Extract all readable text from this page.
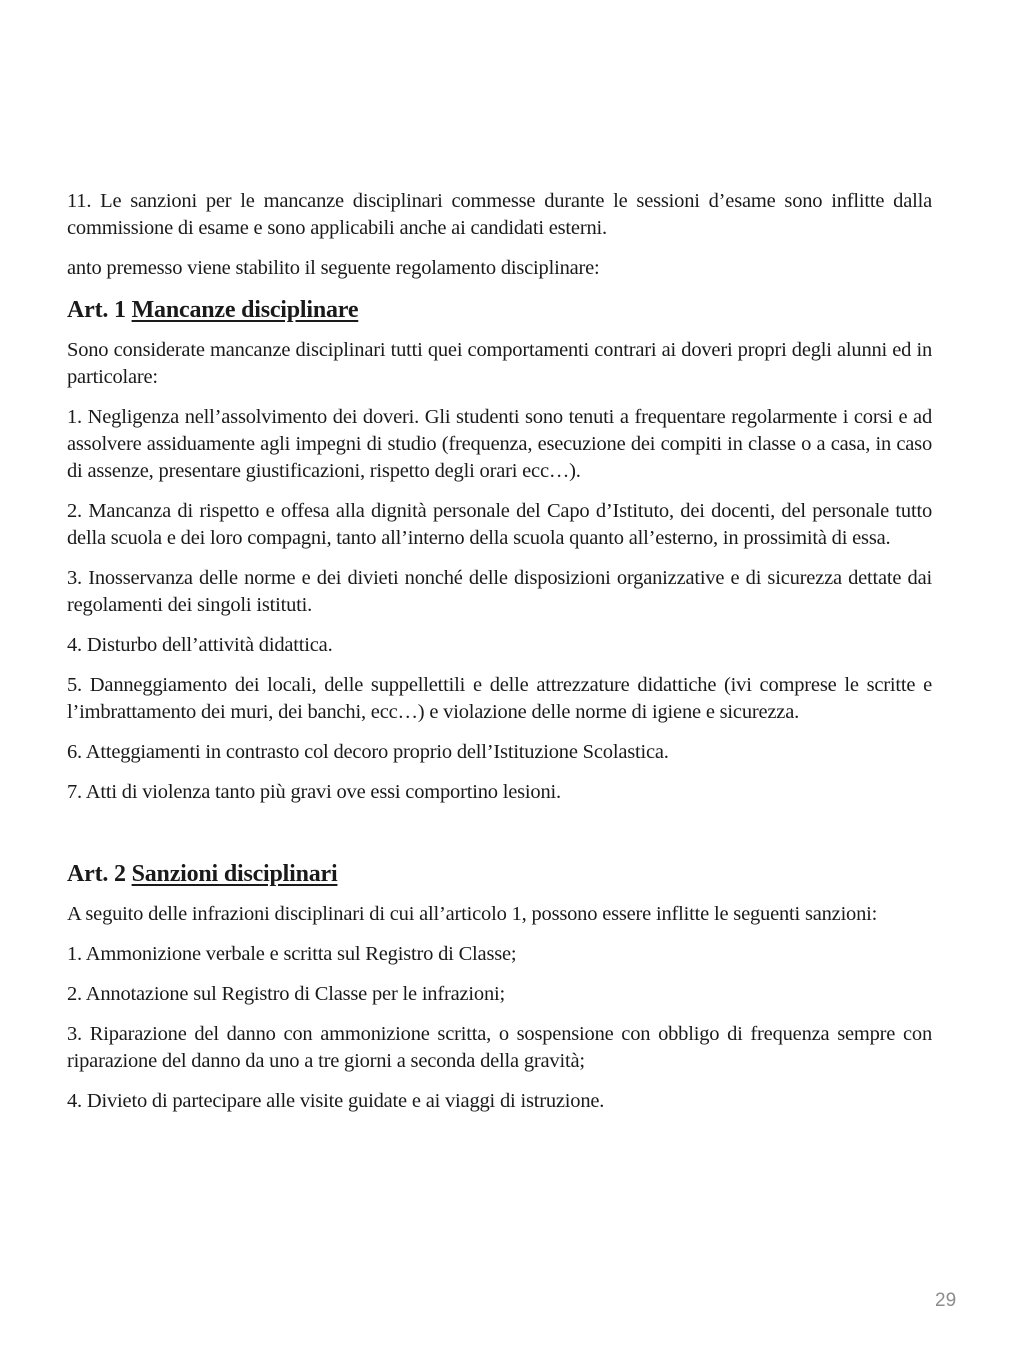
11. Le sanzioni per le mancanze disciplinari commesse durante le sessioni d’esame sono inflitte dalla commissione di esame e sono applicabili anche ai candidati esterni.

anto premesso viene stabilito il seguente regolamento disciplinare:

Art. 1 Mancanze disciplinare

Sono considerate mancanze disciplinari tutti quei comportamenti contrari ai doveri propri degli alunni ed in particolare:

1. Negligenza nell’assolvimento dei doveri. Gli studenti sono tenuti a frequentare regolarmente i corsi e ad assolvere assiduamente agli impegni di studio (frequenza, esecuzione dei compiti in classe o a casa, in caso di assenze, presentare giustificazioni, rispetto degli orari ecc…).

2. Mancanza di rispetto e offesa alla dignità personale del Capo d’Istituto, dei docenti, del personale tutto della scuola e dei loro compagni, tanto all’interno della scuola quanto all’esterno, in prossimità di essa.

3. Inosservanza delle norme e dei divieti nonché delle disposizioni organizzative e di sicurezza dettate dai regolamenti dei singoli istituti.

4. Disturbo dell’attività didattica.

5. Danneggiamento dei locali, delle suppellettili e delle attrezzature didattiche (ivi comprese le scritte e l’imbrattamento dei muri, dei banchi, ecc…) e violazione delle norme di igiene e sicurezza.

6. Atteggiamenti in contrasto col decoro proprio dell’Istituzione Scolastica.

7. Atti di violenza tanto più gravi ove essi comportino lesioni.

Art. 2 Sanzioni disciplinari

A seguito delle infrazioni disciplinari di cui all’articolo 1, possono essere inflitte le seguenti sanzioni:

1. Ammonizione verbale e scritta sul Registro di Classe;

2. Annotazione sul Registro di Classe per le infrazioni;

3. Riparazione del danno con ammonizione scritta, o sospensione con obbligo di frequenza sempre con riparazione del danno da uno a tre giorni a seconda della gravità;

4. Divieto di partecipare alle visite guidate e ai viaggi di istruzione.

29
